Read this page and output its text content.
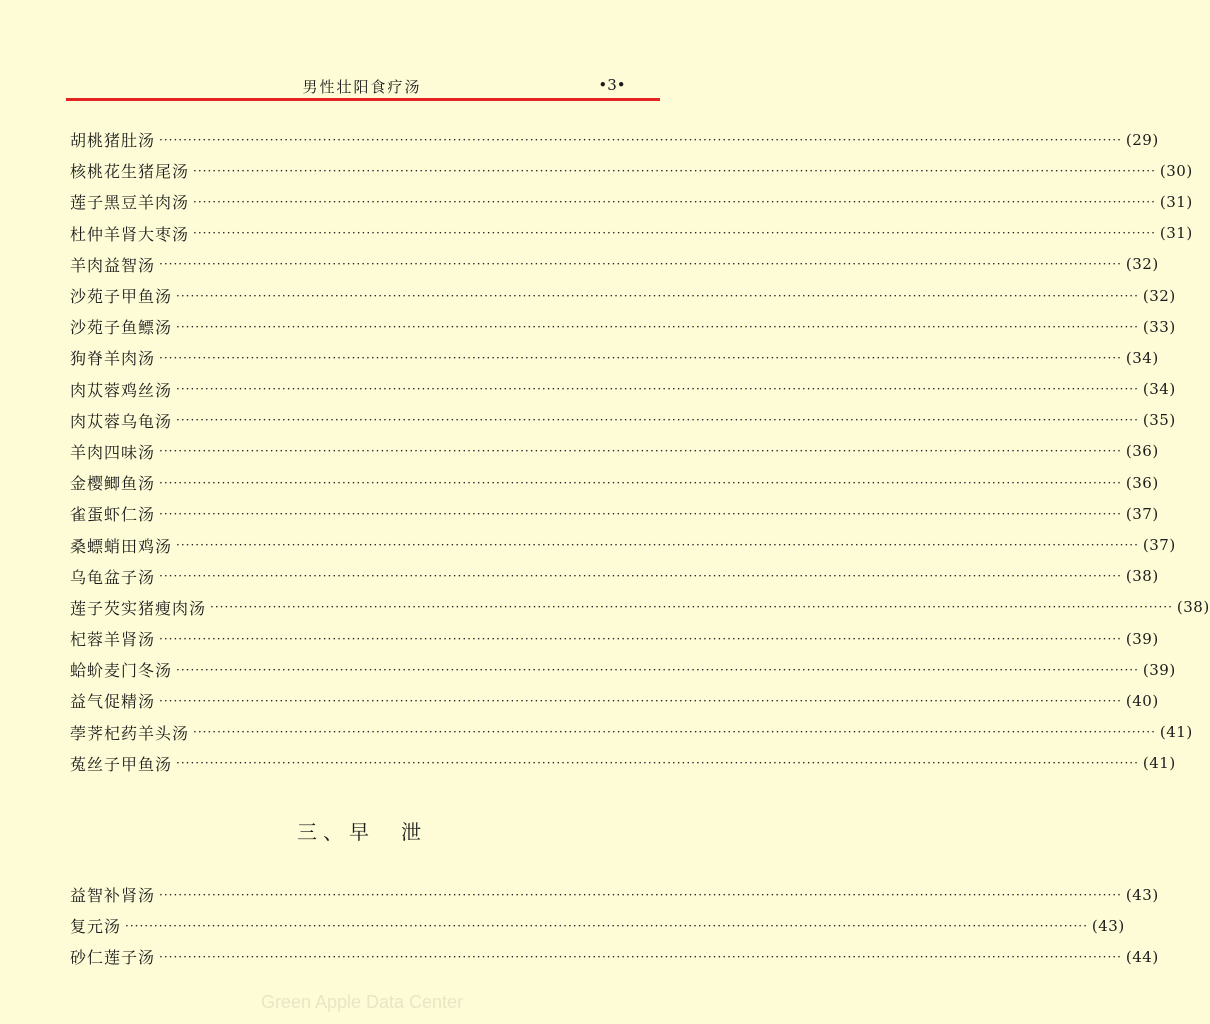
男性壮阳食疗汤	•3•
胡桃猪肚汤 ········································································································································································································ (29)
核桃花生猪尾汤 ········································································································································································································ (30)
莲子黑豆羊肉汤 ········································································································································································································ (31)
杜仲羊肾大枣汤 ········································································································································································································ (31)
羊肉益智汤 ········································································································································································································ (32)
沙苑子甲鱼汤 ········································································································································································································ (32)
沙苑子鱼鳔汤 ········································································································································································································ (33)
狗脊羊肉汤 ········································································································································································································ (34)
肉苁蓉鸡丝汤 ········································································································································································································ (34)
肉苁蓉乌龟汤 ········································································································································································································ (35)
羊肉四味汤 ········································································································································································································ (36)
金樱鲫鱼汤 ········································································································································································································ (36)
雀蛋虾仁汤 ········································································································································································································ (37)
桑螵蛸田鸡汤 ········································································································································································································ (37)
乌龟盆子汤 ········································································································································································································ (38)
莲子芡实猪瘦肉汤 ········································································································································································································ (38)
杞蓉羊肾汤 ········································································································································································································ (39)
蛤蚧麦门冬汤 ········································································································································································································ (39)
益气促精汤 ········································································································································································································ (40)
荸荠杞药羊头汤 ········································································································································································································ (41)
菟丝子甲鱼汤 ········································································································································································································ (41)
三、早　泄
益智补肾汤 ········································································································································································································ (43)
复元汤 ········································································································································································································ (43)
砂仁莲子汤 ········································································································································································································ (44)
Green Apple Data Center
